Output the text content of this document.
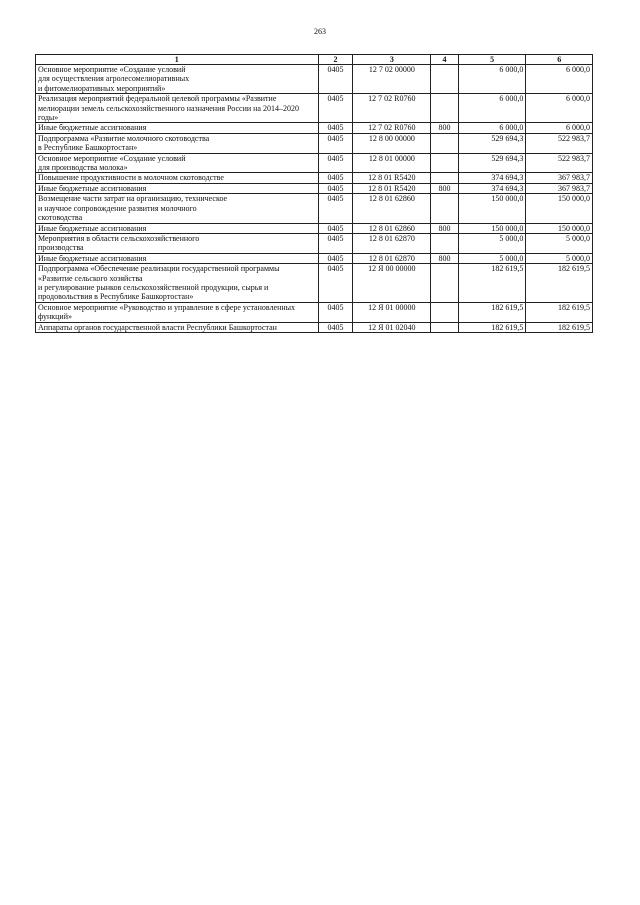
263
1	2	3	4	5	6
Основное мероприятие «Создание условий
для осуществления агролесомелиоративных
и фитомелиоративных мероприятий»	0405	12 7 02 00000		6 000,0	6 000,0
Реализация мероприятий федеральной целевой программы «Развитие мелиорации земель сельскохозяйственного назначения России на 2014–2020 годы»	0405	12 7 02 R0760		6 000,0	6 000,0
Иные бюджетные ассигнования	0405	12 7 02 R0760	800	6 000,0	6 000,0
Подпрограмма «Развитие молочного скотоводства
в Республике Башкортостан»	0405	12 8 00 00000		529 694,3	522 983,7
Основное мероприятие «Создание условий
для производства молока»	0405	12 8 01 00000		529 694,3	522 983,7
Повышение продуктивности в молочном скотоводстве	0405	12 8 01 R5420		374 694,3	367 983,7
Иные бюджетные ассигнования	0405	12 8 01 R5420	800	374 694,3	367 983,7
Возмещение части затрат на организацию, техническое
и научное сопровождение развития молочного
скотоводства	0405	12 8 01 62860		150 000,0	150 000,0
Иные бюджетные ассигнования	0405	12 8 01 62860	800	150 000,0	150 000,0
Мероприятия в области сельскохозяйственного
производства	0405	12 8 01 62870		5 000,0	5 000,0
Иные бюджетные ассигнования	0405	12 8 01 62870	800	5 000,0	5 000,0
Подпрограмма «Обеспечение реализации государственной программы «Развитие сельского хозяйства
и регулирование рынков сельскохозяйственной продукции, сырья и продовольствия в Республике Башкортостан»	0405	12 Я 00 00000		182 619,5	182 619,5
Основное мероприятие «Руководство и управление в сфере установленных функций»	0405	12 Я 01 00000		182 619,5	182 619,5
Аппараты органов государственной власти Республики Башкортостан	0405	12 Я 01 02040		182 619,5	182 619,5
